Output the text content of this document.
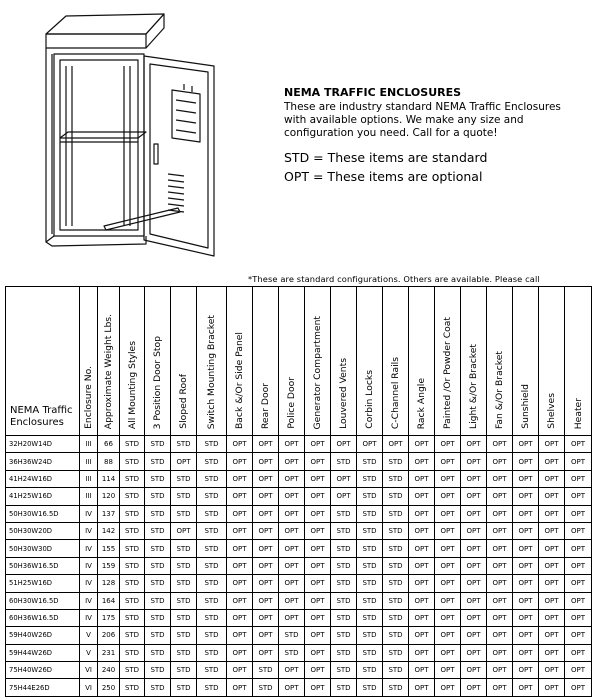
NEMA TRAFFIC ENCLOSURES

These are industry standard NEMA Traffic Enclosures with available options. We make any size and configuration you need. Call for a quote!

STD = These items are standard
OPT = These items are optional
*These are standard configurations. Others are available. Please call
NEMA Traffic Enclosures	Enclosure No.	Approximate Weight Lbs.	All Mounting Styles	3 Position Door Stop	Sloped Roof	Switch Mounting Bracket	Back &/Or Side Panel	Rear Door	Police Door	Generator Compartment	Louvered Vents	Corbin Locks	C-Channel Rails	Rack Angle	Painted /Or Powder Coat	Light &/Or Bracket	Fan &/Or Bracket	Sunshield	Shelves	Heater
32H20W14D	III	66	STD	STD	STD	STD	OPT	OPT	OPT	OPT	OPT	OPT	OPT	OPT	OPT	OPT	OPT	OPT	OPT	OPT
36H36W24D	III	88	STD	STD	OPT	STD	OPT	OPT	OPT	OPT	STD	STD	STD	OPT	OPT	OPT	OPT	OPT	OPT	OPT
41H24W16D	III	114	STD	STD	STD	STD	OPT	OPT	OPT	OPT	OPT	STD	STD	OPT	OPT	OPT	OPT	OPT	OPT	OPT
41H25W16D	III	120	STD	STD	STD	STD	OPT	OPT	OPT	OPT	OPT	STD	STD	OPT	OPT	OPT	OPT	OPT	OPT	OPT
50H30W16.5D	IV	137	STD	STD	STD	STD	OPT	OPT	OPT	OPT	STD	STD	STD	OPT	OPT	OPT	OPT	OPT	OPT	OPT
50H30W20D	IV	142	STD	STD	OPT	STD	OPT	OPT	OPT	OPT	STD	STD	STD	OPT	OPT	OPT	OPT	OPT	OPT	OPT
50H30W30D	IV	155	STD	STD	STD	STD	OPT	OPT	OPT	OPT	STD	STD	STD	OPT	OPT	OPT	OPT	OPT	OPT	OPT
50H36W16.5D	IV	159	STD	STD	STD	STD	OPT	OPT	OPT	OPT	STD	STD	STD	OPT	OPT	OPT	OPT	OPT	OPT	OPT
51H25W16D	IV	128	STD	STD	STD	STD	OPT	OPT	OPT	OPT	STD	STD	STD	OPT	OPT	OPT	OPT	OPT	OPT	OPT
60H30W16.5D	IV	164	STD	STD	STD	STD	OPT	OPT	OPT	OPT	STD	STD	STD	OPT	OPT	OPT	OPT	OPT	OPT	OPT
60H36W16.5D	IV	175	STD	STD	STD	STD	OPT	OPT	OPT	OPT	STD	STD	STD	OPT	OPT	OPT	OPT	OPT	OPT	OPT
59H40W26D	V	206	STD	STD	STD	STD	OPT	OPT	STD	OPT	STD	STD	STD	OPT	OPT	OPT	OPT	OPT	OPT	OPT
59H44W26D	V	231	STD	STD	STD	STD	OPT	OPT	STD	OPT	STD	STD	STD	OPT	OPT	OPT	OPT	OPT	OPT	OPT
75H40W26D	VI	240	STD	STD	STD	STD	OPT	STD	OPT	OPT	STD	STD	STD	OPT	OPT	OPT	OPT	OPT	OPT	OPT
75H44E26D	VI	250	STD	STD	STD	STD	OPT	STD	OPT	OPT	STD	STD	STD	OPT	OPT	OPT	OPT	OPT	OPT	OPT
